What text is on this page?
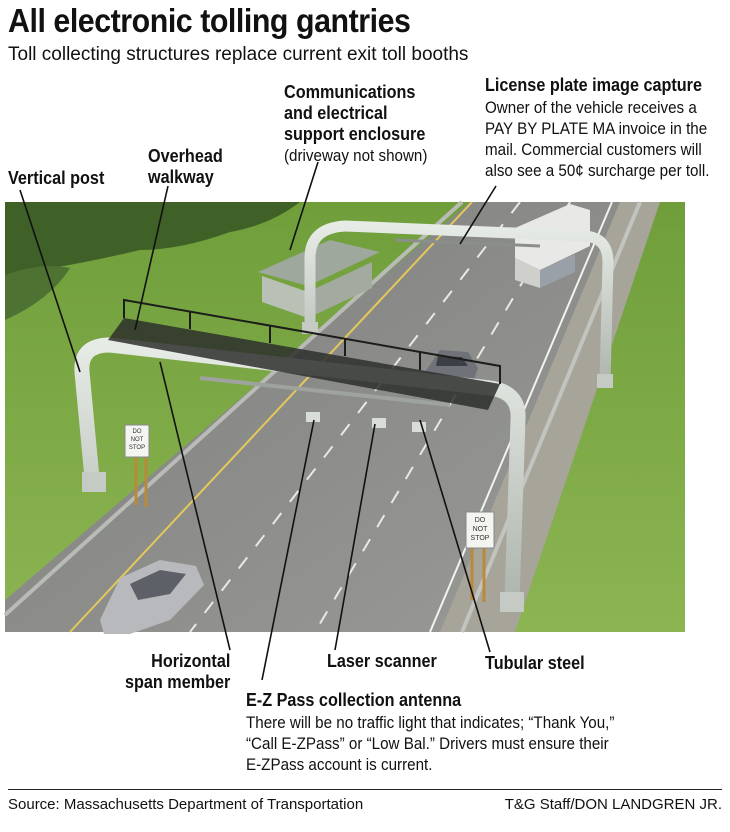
All electronic tolling gantries
Toll collecting structures replace current exit toll booths
DO
NOT
STOP
DO
NOT
STOP
Vertical post
Overhead
walkway
Communications
and electrical
support enclosure
(driveway not shown)
License plate image capture
Owner of the vehicle receives a
PAY BY PLATE MA invoice in the
mail. Commercial customers will
also see a 50¢ surcharge per toll.
Horizontal
span member
Laser scanner	Tubular steel
E-Z Pass collection antenna
There will be no traffic light that indicates; “Thank You,”
“Call E-ZPass” or “Low Bal.” Drivers must ensure their
E-ZPass account is current.
Source: Massachusetts Department of Transportation	T&G Staff/DON LANDGREN JR.
